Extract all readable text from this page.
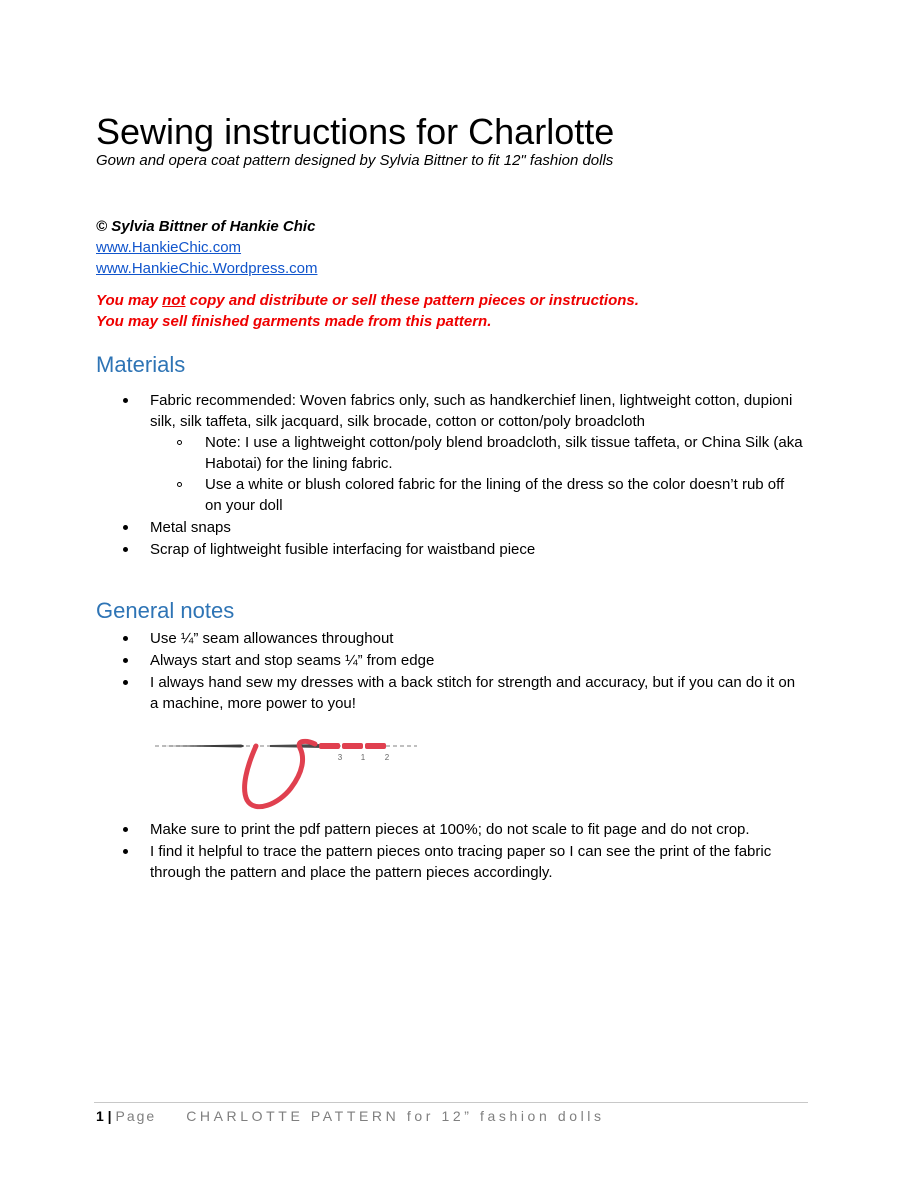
Sewing instructions for Charlotte
Gown and opera coat pattern designed by Sylvia Bittner to fit 12" fashion dolls
© Sylvia Bittner of Hankie Chic
www.HankieChic.com
www.HankieChic.Wordpress.com
You may not copy and distribute or sell these pattern pieces or instructions.
You may sell finished garments made from this pattern.
Materials
Fabric recommended: Woven fabrics only, such as handkerchief linen, lightweight cotton, dupioni silk, silk taffeta, silk jacquard, silk brocade, cotton or cotton/poly broadcloth
Note: I use a lightweight cotton/poly blend broadcloth, silk tissue taffeta, or China Silk (aka Habotai) for the lining fabric.
Use a white or blush colored fabric for the lining of the dress so the color doesn’t rub off on your doll
Metal snaps
Scrap of lightweight fusible interfacing for waistband piece
General notes
Use ¼” seam allowances throughout
Always start and stop seams ¼” from edge
I always hand sew my dresses with a back stitch for strength and accuracy, but if you can do it on a machine, more power to you!
3 1 2
Make sure to print the pdf pattern pieces at 100%; do not scale to fit page and do not crop.
I find it helpful to trace the pattern pieces onto tracing paper so I can see the print of the fabric through the pattern and place the pattern pieces accordingly.
1 | Page CHARLOTTE PATTERN for 12” fashion dolls
